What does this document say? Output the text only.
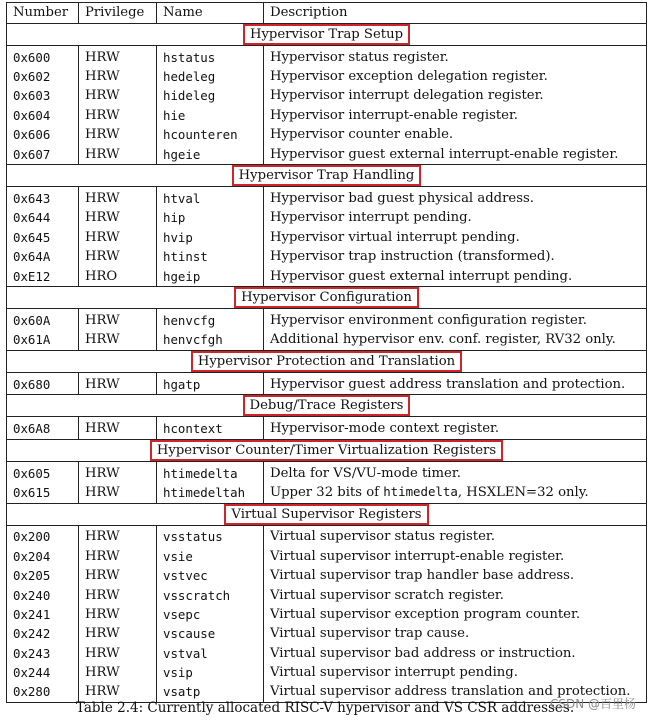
Number	Privilege	Name	Description
Hypervisor Trap Setup			

0x600	HRW	hstatus	Hypervisor status register.
0x602	HRW	hedeleg	Hypervisor exception delegation register.
0x603	HRW	hideleg	Hypervisor interrupt delegation register.
0x604	HRW	hie	Hypervisor interrupt-enable register.
0x606	HRW	hcounteren	Hypervisor counter enable.
0x607	HRW	hgeie	Hypervisor guest external interrupt-enable register.
Hypervisor Trap Handling			

0x643	HRW	htval	Hypervisor bad guest physical address.
0x644	HRW	hip	Hypervisor interrupt pending.
0x645	HRW	hvip	Hypervisor virtual interrupt pending.
0x64A	HRW	htinst	Hypervisor trap instruction (transformed).
0xE12	HRO	hgeip	Hypervisor guest external interrupt pending.
Hypervisor Configuration			

0x60A	HRW	henvcfg	Hypervisor environment configuration register.
0x61A	HRW	henvcfgh	Additional hypervisor env. conf. register, RV32 only.
Hypervisor Protection and Translation			

0x680	HRW	hgatp	Hypervisor guest address translation and protection.
Debug/Trace Registers			

0x6A8	HRW	hcontext	Hypervisor-mode context register.
Hypervisor Counter/Timer Virtualization Registers			

0x605	HRW	htimedelta	Delta for VS/VU-mode timer.
0x615	HRW	htimedeltah	Upper 32 bits of htimedelta, HSXLEN=32 only.
Virtual Supervisor Registers			

0x200	HRW	vsstatus	Virtual supervisor status register.
0x204	HRW	vsie	Virtual supervisor interrupt-enable register.
0x205	HRW	vstvec	Virtual supervisor trap handler base address.
0x240	HRW	vsscratch	Virtual supervisor scratch register.
0x241	HRW	vsepc	Virtual supervisor exception program counter.
0x242	HRW	vscause	Virtual supervisor trap cause.
0x243	HRW	vstval	Virtual supervisor bad address or instruction.
0x244	HRW	vsip	Virtual supervisor interrupt pending.
0x280	HRW	vsatp	Virtual supervisor address translation and protection.
Table 2.4: Currently allocated RISC-V hypervisor and VS CSR addresses.
CSDN @百里杨
